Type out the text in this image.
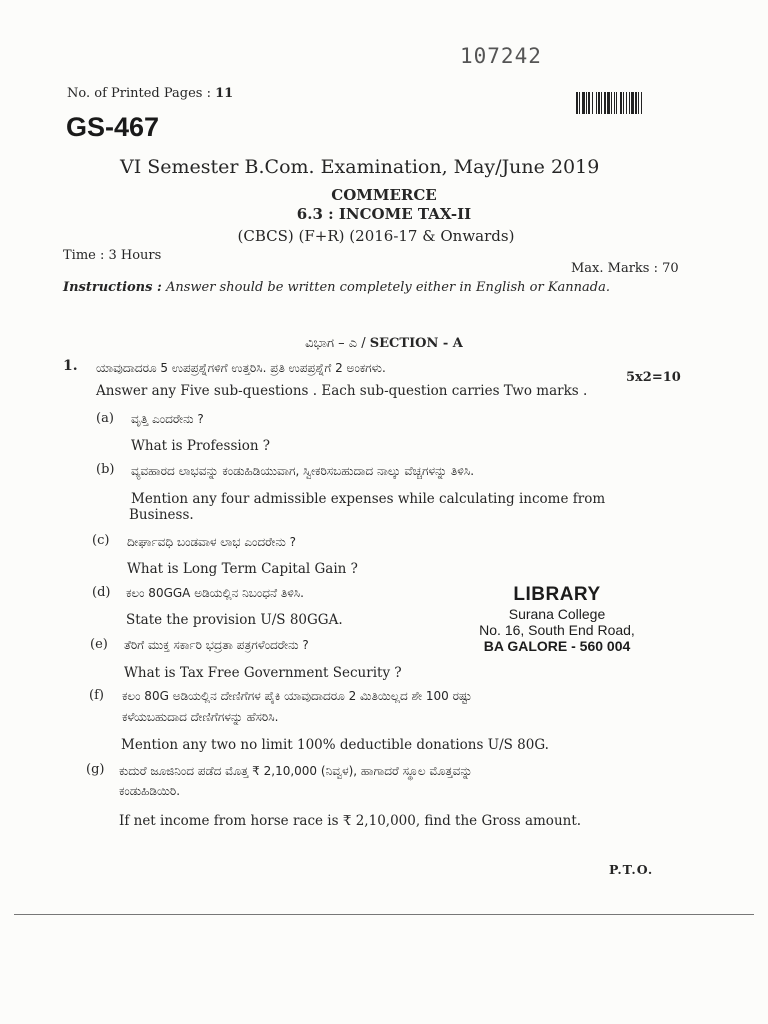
107242
No. of Printed Pages : 11
GS-467
VI Semester B.Com. Examination, May/June 2019
COMMERCE
6.3 : INCOME TAX-II
(CBCS) (F+R) (2016-17 & Onwards)
Time : 3 Hours
Max. Marks : 70
Instructions : Answer should be written completely either in English or Kannada.
ವಿಭಾಗ – ಎ / SECTION - A
1. ಯಾವುದಾದರೂ 5 ಉಪಪ್ರಶ್ನೆಗಳಿಗೆ ಉತ್ತರಿಸಿ. ಪ್ರತಿ ಉಪಪ್ರಶ್ನೆಗೆ 2 ಅಂಕಗಳು.
5x2=10
Answer any Five sub-questions . Each sub-question carries Two marks .
(a) ವೃತ್ತಿ ಎಂದರೇನು ?
What is Profession ?
(b) ವ್ಯವಹಾರದ ಲಾಭವನ್ನು ಕಂಡುಹಿಡಿಯುವಾಗ, ಸ್ವೀಕರಿಸಬಹುದಾದ ನಾಲ್ಕು ವೆಚ್ಚಗಳನ್ನು ತಿಳಿಸಿ.
Mention any four admissible expenses while calculating income from
Business.
(c) ದೀರ್ಘಾವಧಿ ಬಂಡವಾಳ ಲಾಭ ಎಂದರೇನು ?
What is Long Term Capital Gain ?
(d) ಕಲಂ 80GGA ಅಡಿಯಲ್ಲಿನ ನಿಬಂಧನೆ ತಿಳಿಸಿ.
State the provision U/S 80GGA.
(e) ತೆರಿಗೆ ಮುಕ್ತ ಸರ್ಕಾರಿ ಭದ್ರತಾ ಪತ್ರಗಳೆಂದರೇನು ?
What is Tax Free Government Security ?
(f) ಕಲಂ 80G ಅಡಿಯಲ್ಲಿನ ದೇಣಿಗೆಗಳ ಪೈಕಿ ಯಾವುದಾದರೂ 2 ಮಿತಿಯಿಲ್ಲದ ಶೇ 100 ರಷ್ಟು
ಕಳೆಯಬಹುದಾದ ದೇಣಿಗೆಗಳನ್ನು ಹೆಸರಿಸಿ.
Mention any two no limit 100% deductible donations U/S 80G.
(g) ಕುದುರೆ ಜೂಜಿನಿಂದ ಪಡೆದ ಮೊತ್ತ ₹ 2,10,000 (ನಿವ್ವಳ), ಹಾಗಾದರೆ ಸ್ಥೂಲ ಮೊತ್ತವನ್ನು
ಕಂಡುಹಿಡಿಯಿರಿ.
If net income from horse race is ₹ 2,10,000, find the Gross amount.
LIBRARY
Surana College
No. 16, South End Road,
BA GALORE - 560 004
P.T.O.
